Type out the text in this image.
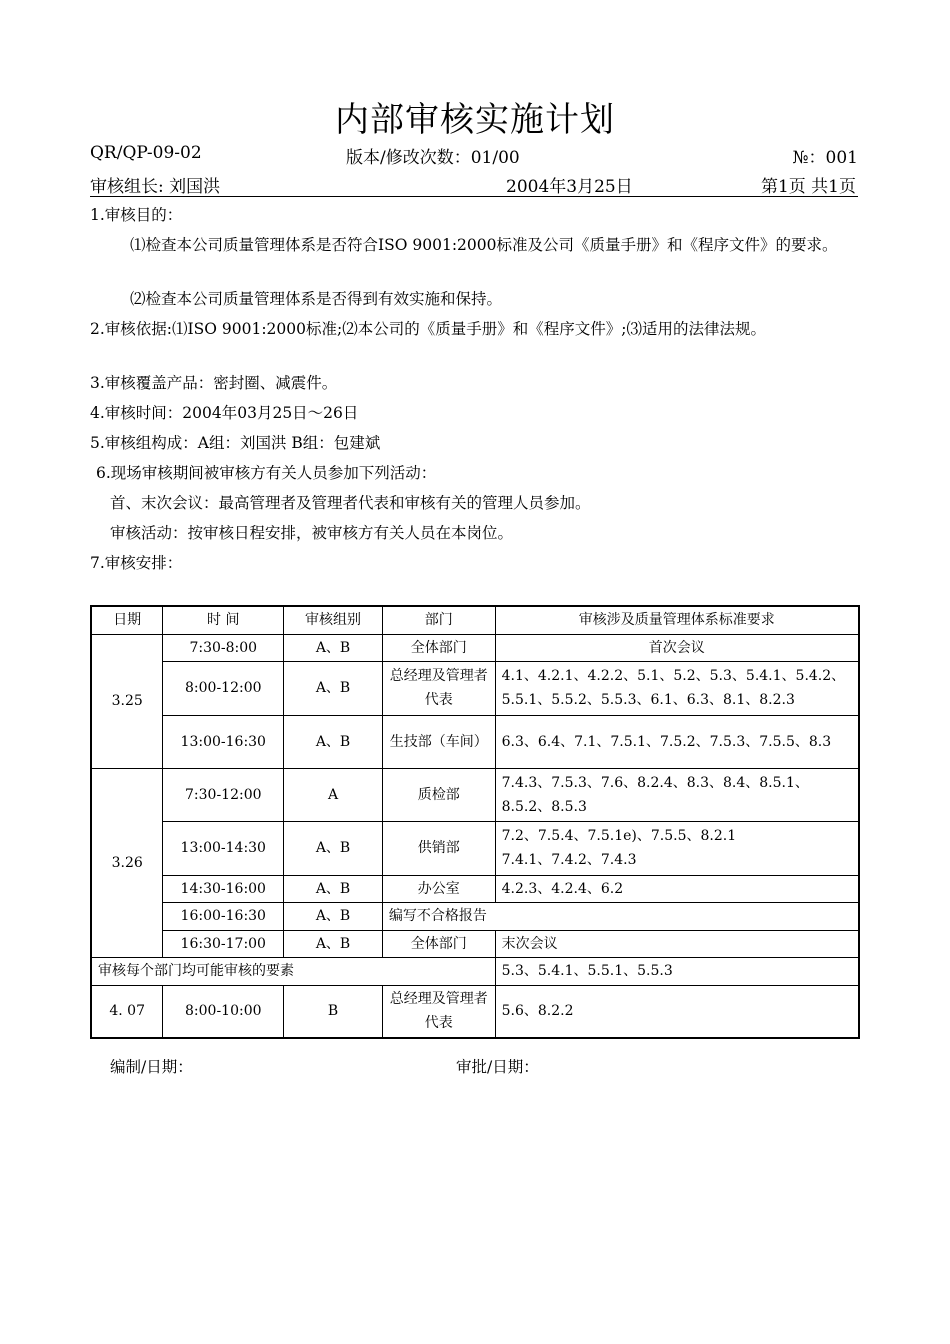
内部审核实施计划
QR/QP-09-02	版本/修改次数：01/00	№：001
审核组长: 刘国洪	2004年3月25日	第1页 共1页
1.审核目的：
⑴检查本公司质量管理体系是否符合ISO 9001:2000标准及公司《质量手册》和《程序文件》的要求。
⑵检查本公司质量管理体系是否得到有效实施和保持。
2.审核依据:⑴ISO 9001:2000标准;⑵本公司的《质量手册》和《程序文件》;⑶适用的法律法规。
3.审核覆盖产品：密封圈、减震件。
4.审核时间：2004年03月25日～26日
5.审核组构成：A组：刘国洪 B组：包建斌
6.现场审核期间被审核方有关人员参加下列活动：
首、末次会议：最高管理者及管理者代表和审核有关的管理人员参加。
审核活动：按审核日程安排，被审核方有关人员在本岗位。
7.审核安排：
日期	时 间	审核组别	部门	审核涉及质量管理体系标准要求
3.25	7:30-8:00	A、B	全体部门	首次会议
	8:00-12:00	A、B	总经理及管理者代表	4.1、4.2.1、4.2.2、5.1、5.2、5.3、5.4.1、5.4.2、5.5.1、5.5.2、5.5.3、6.1、6.3、8.1、8.2.3
	13:00-16:30	A、B	生技部（车间）	6.3、6.4、7.1、7.5.1、7.5.2、7.5.3、7.5.5、8.3
3.26	7:30-12:00	A	质检部	7.4.3、7.5.3、7.6、8.2.4、8.3、8.4、8.5.1、8.5.2、8.5.3
	13:00-14:30	A、B	供销部	7.2、7.5.4、7.5.1e)、7.5.5、8.2.1
7.4.1、7.4.2、7.4.3

	14:30-16:00	A、B	办公室	4.2.3、4.2.4、6.2
	16:00-16:30	A、B	编写不合格报告	
	16:30-17:00	A、B	全体部门	末次会议
审核每个部门均可能审核的要素				5.3、5.4.1、5.5.1、5.5.3
4. 07	8:00-10:00	B	总经理及管理者代表	5.6、8.2.2
编制/日期：	审批/日期：
